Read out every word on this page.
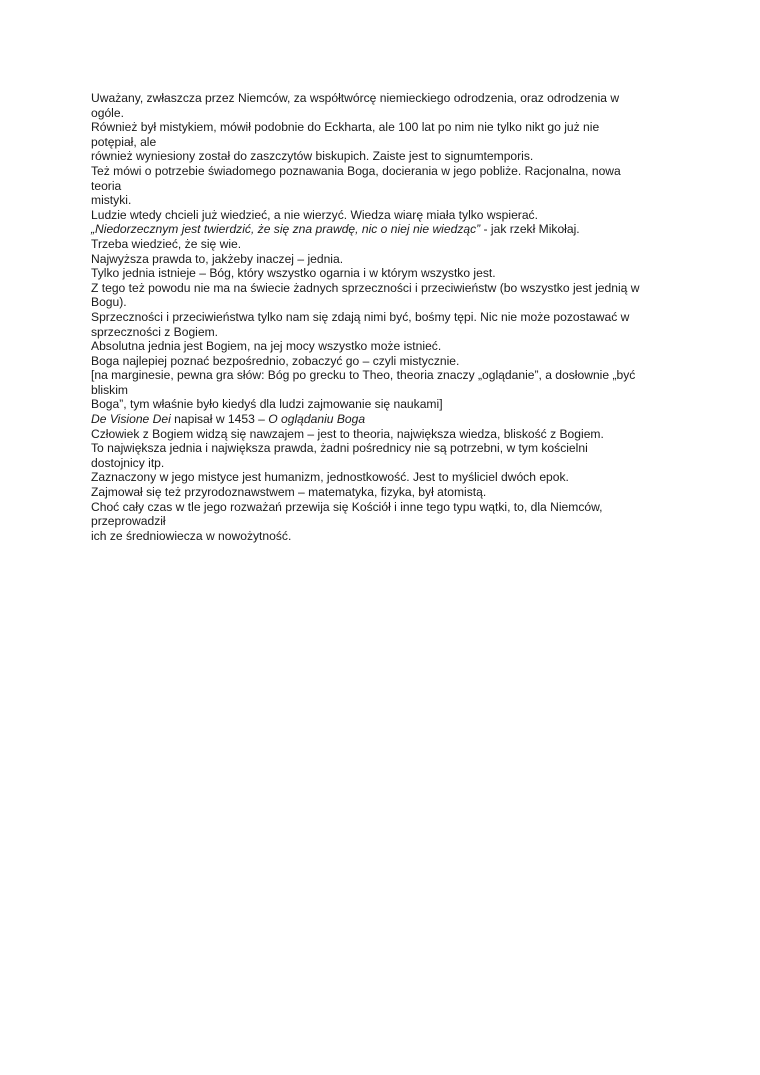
Uważany, zwłaszcza przez Niemców, za współtwórcę niemieckiego odrodzenia, oraz odrodzenia w
ogóle.
Również był mistykiem, mówił podobnie do Eckharta, ale 100 lat po nim nie tylko nikt go już nie
potępiał, ale
również wyniesiony został do zaszczytów biskupich. Zaiste jest to signumtemporis.
Też mówi o potrzebie świadomego poznawania Boga, docierania w jego pobliże. Racjonalna, nowa
teoria
mistyki.
Ludzie wtedy chcieli już wiedzieć, a nie wierzyć. Wiedza wiarę miała tylko wspierać.
„Niedorzecznym jest twierdzić, że się zna prawdę, nic o niej nie wiedząc” - jak rzekł Mikołaj.
Trzeba wiedzieć, że się wie.
Najwyższa prawda to, jakżeby inaczej – jednia.
Tylko jednia istnieje – Bóg, który wszystko ogarnia i w którym wszystko jest.
Z tego też powodu nie ma na świecie żadnych sprzeczności i przeciwieństw (bo wszystko jest jednią w
Bogu).
Sprzeczności i przeciwieństwa tylko nam się zdają nimi być, bośmy tępi. Nic nie może pozostawać w
sprzeczności z Bogiem.
Absolutna jednia jest Bogiem, na jej mocy wszystko może istnieć.
Boga najlepiej poznać bezpośrednio, zobaczyć go – czyli mistycznie.
[na marginesie, pewna gra słów: Bóg po grecku to Theo, theoria znaczy „oglądanie”, a dosłownie „być
bliskim
Boga”, tym właśnie było kiedyś dla ludzi zajmowanie się naukami]
De Visione Dei napisał w 1453 – O oglądaniu Boga
Człowiek z Bogiem widzą się nawzajem – jest to theoria, największa wiedza, bliskość z Bogiem.
To największa jednia i największa prawda, żadni pośrednicy nie są potrzebni, w tym kościelni
dostojnicy itp.
Zaznaczony w jego mistyce jest humanizm, jednostkowość. Jest to myśliciel dwóch epok.
Zajmował się też przyrodoznawstwem – matematyka, fizyka, był atomistą.
Choć cały czas w tle jego rozważań przewija się Kościół i inne tego typu wątki, to, dla Niemców,
przeprowadził
ich ze średniowiecza w nowożytność.
